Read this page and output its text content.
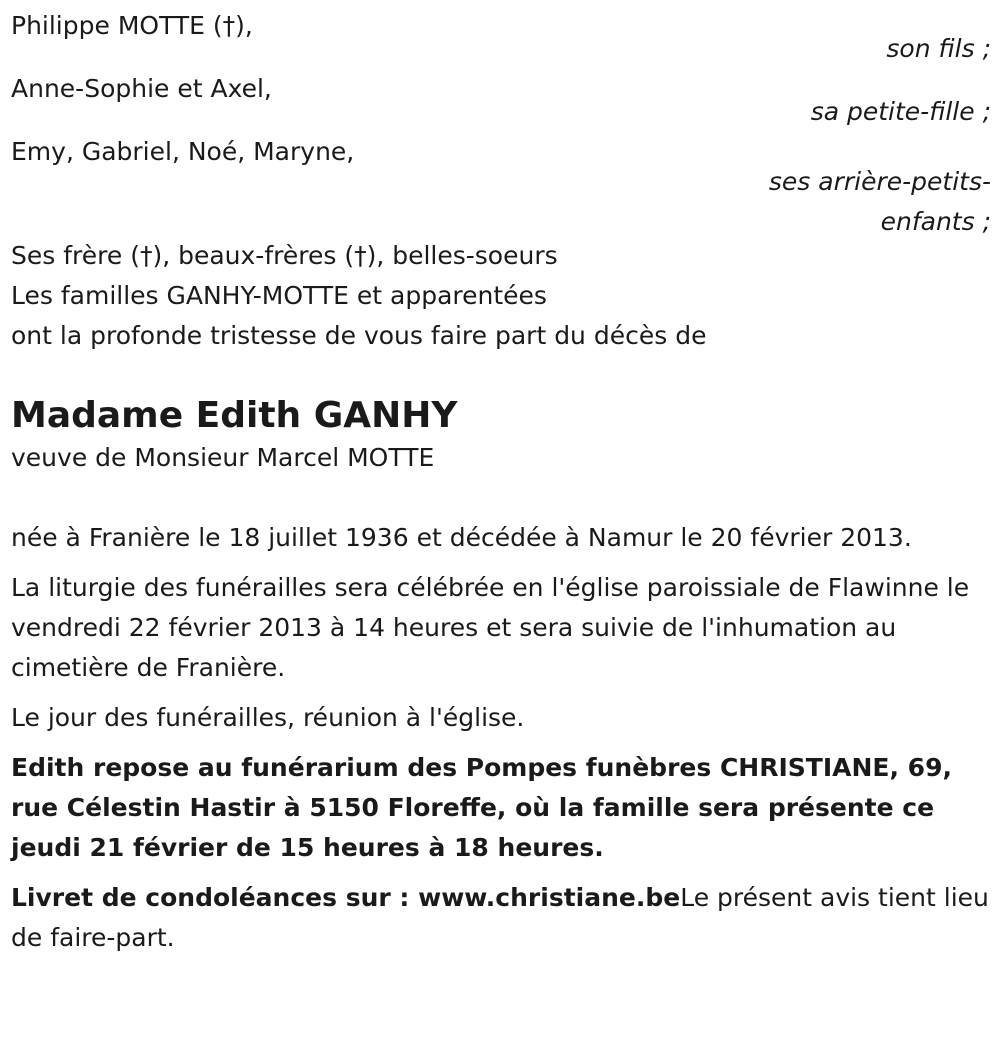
Philippe MOTTE (†),
son fils ;
Anne-Sophie et Axel,
sa petite-fille ;
Emy, Gabriel, Noé, Maryne,
ses arrière-petits-enfants ;

Ses frère (†), beaux-frères (†), belles-soeurs

Les familles GANHY-MOTTE et apparentées

ont la profonde tristesse de vous faire part du décès de

Madame Edith GANHY

veuve de Monsieur Marcel MOTTE

née à Franière le 18 juillet 1936 et décédée à Namur le 20 février 2013.

La liturgie des funérailles sera célébrée en l'église paroissiale de Flawinne le vendredi 22 février 2013 à 14 heures et sera suivie de l'inhumation au cimetière de Franière.

Le jour des funérailles, réunion à l'église.

Edith repose au funérarium des Pompes funèbres CHRISTIANE, 69, rue Célestin Hastir à 5150 Floreffe, où la famille sera présente ce jeudi 21 février de 15 heures à 18 heures.

Livret de condoléances sur : www.christiane.beLe présent avis tient lieu de faire-part.
